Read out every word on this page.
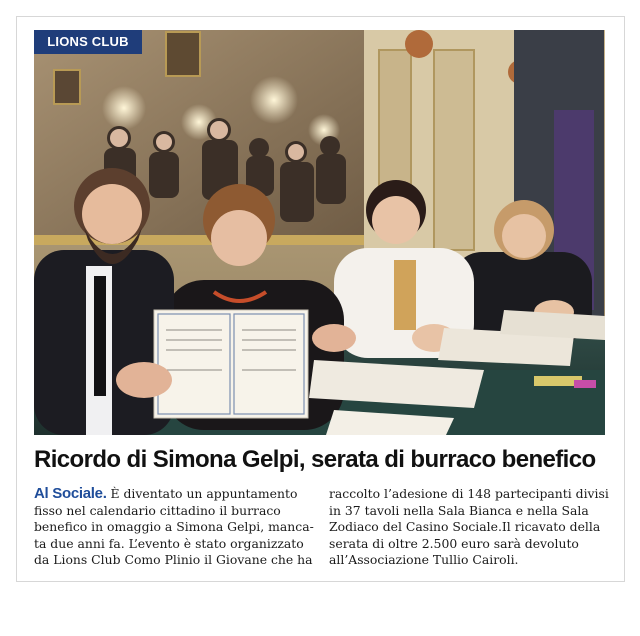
LIONS CLUB
Ricordo di Simona Gelpi, serata di burraco benefico
Al Sociale. È diventato un appuntamento
fisso nel calendario cittadino il burraco
benefico in omaggio a Simona Gelpi, manca-
ta due anni fa. L’evento è stato organizzato
da Lions Club Como Plinio il Giovane che ha
raccolto l’adesione di 148 partecipanti divisi
in 37 tavoli nella Sala Bianca e nella Sala
Zodiaco del Casino Sociale.Il ricavato della
serata di oltre 2.500 euro sarà devoluto
all’Associazione Tullio Cairoli.
